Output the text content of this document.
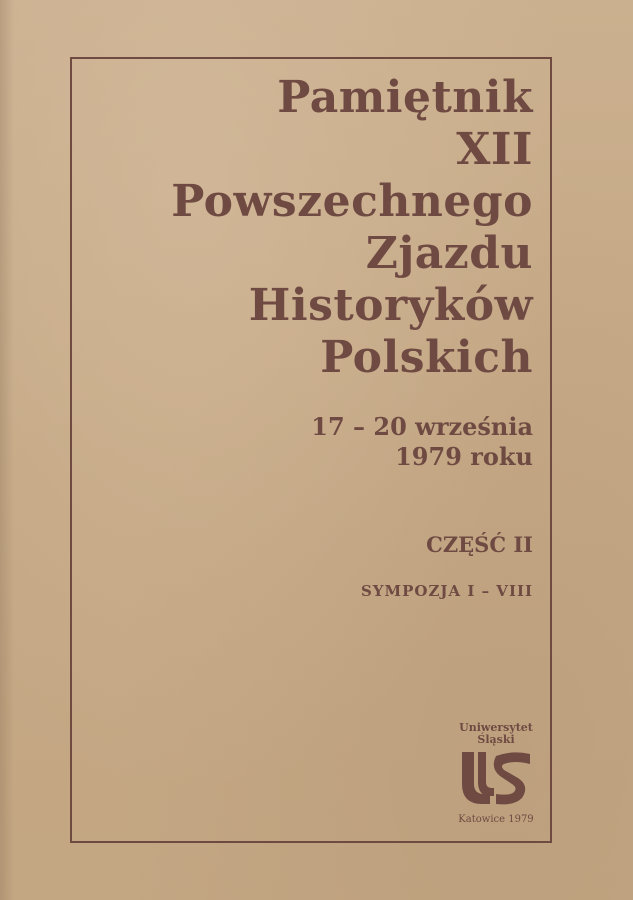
Pamiętnik
XII
Powszechnego
Zjazdu
Historyków
Polskich
17 – 20 września
1979 roku
CZĘŚĆ II
SYMPOZJA I – VIII
Uniwersytet
Śląski
Katowice 1979
